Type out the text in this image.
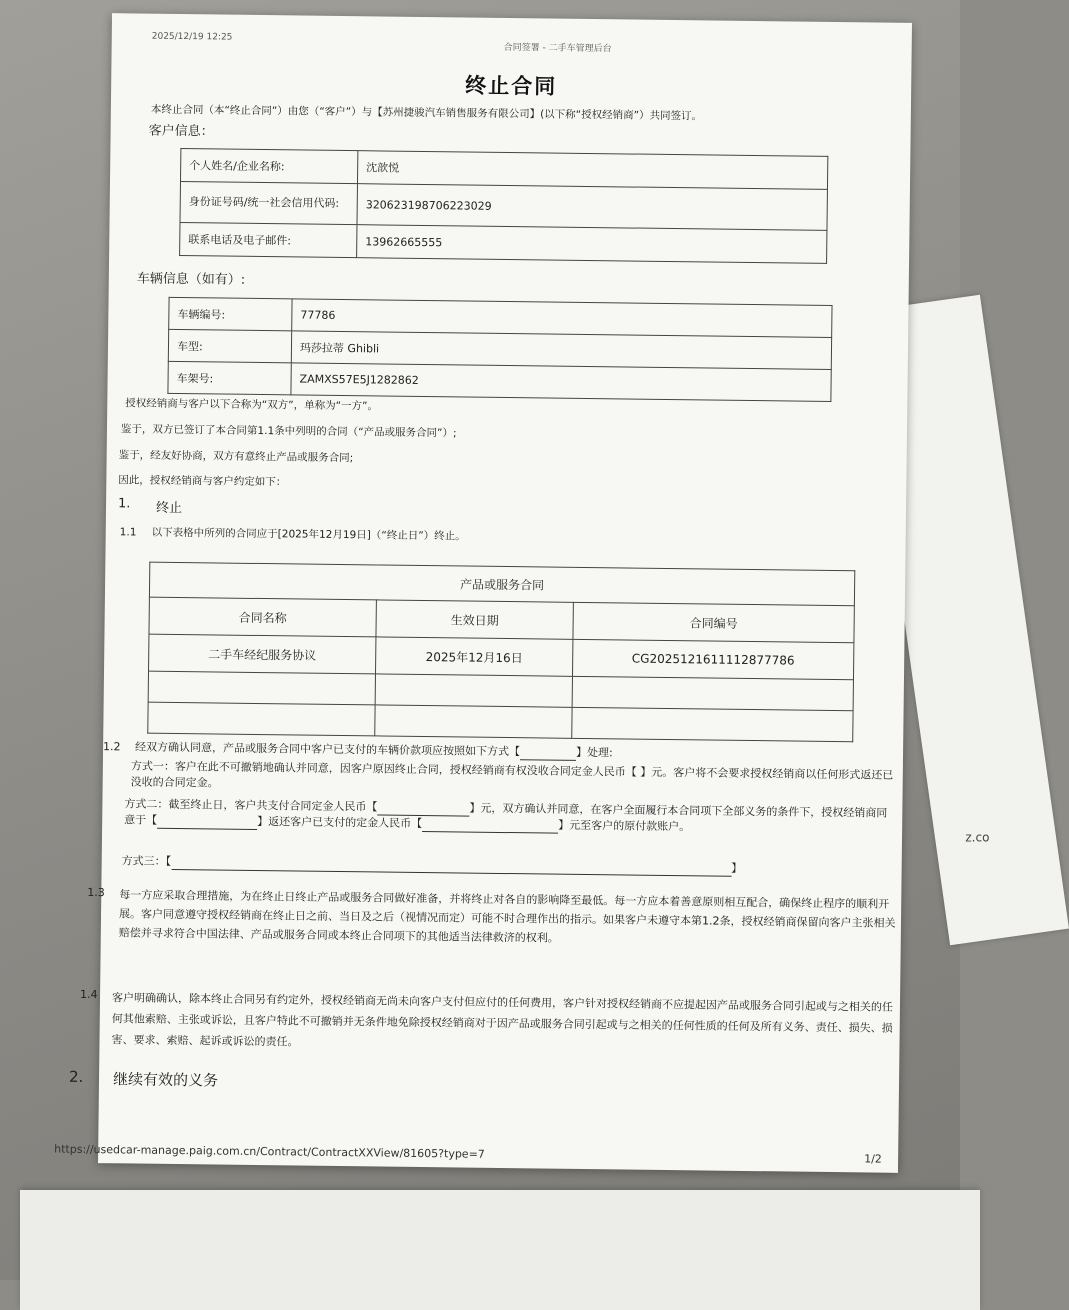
z.co
2025/12/19 12:25
合同签署 - 二手车管理后台
终止合同
本终止合同（本“终止合同”）由您（“客户”）与【苏州捷骏汽车销售服务有限公司】(以下称“授权经销商”）共同签订。
客户信息：
个人姓名/企业名称:	沈歆悦
身份证号码/统一社会信用代码:	320623198706223029
联系电话及电子邮件:	13962665555
车辆信息（如有）:
车辆编号:	77786
车型:	玛莎拉蒂 Ghibli
车架号:	ZAMXS57E5J1282862
授权经销商与客户以下合称为“双方”，单称为“一方”。
鉴于，双方已签订了本合同第1.1条中列明的合同（“产品或服务合同”）;
鉴于，经友好协商，双方有意终止产品或服务合同;
因此，授权经销商与客户约定如下：
1. 终止
1.1 以下表格中所列的合同应于[2025年12月19日]（“终止日”）终止。
产品或服务合同		
合同名称	生效日期	合同编号
二手车经纪服务协议	2025年12月16日	CG2025121611112877786

1.2 经双方确认同意，产品或服务合同中客户已支付的车辆价款项应按照如下方式【	】处理:
方式一：客户在此不可撤销地确认并同意，因客户原因终止合同，授权经销商有权没收合同定金人民币【 】元。客户将不会要求授权经销商以任何形式返还已没收的合同定金。
方式二：截至终止日，客户共支付合同定金人民币【	】元，双方确认并同意，在客户全面履行本合同项下全部义务的条件下，授权经销商同意于【	】返还客户已支付的定金人民币【	】元至客户的原付款账户。
方式三：【】
1.3 每一方应采取合理措施，为在终止日终止产品或服务合同做好准备，并将终止对各自的影响降至最低。每一方应本着善意原则相互配合，确保终止程序的顺利开展。客户同意遵守授权经销商在终止日之前、当日及之后（视情况而定）可能不时合理作出的指示。如果客户未遵守本第1.2条，授权经销商保留向客户主张相关赔偿并寻求符合中国法律、产品或服务合同或本终止合同项下的其他适当法律救济的权利。
1.4 客户明确确认，除本终止合同另有约定外，授权经销商无尚未向客户支付但应付的任何费用，客户针对授权经销商不应提起因产品或服务合同引起或与之相关的任何其他索赔、主张或诉讼，且客户特此不可撤销并无条件地免除授权经销商对于因产品或服务合同引起或与之相关的任何性质的任何及所有义务、责任、损失、损害、要求、索赔、起诉或诉讼的责任。
2. 继续有效的义务
https://usedcar-manage.paig.com.cn/Contract/ContractXXView/81605?type=7	1/2
